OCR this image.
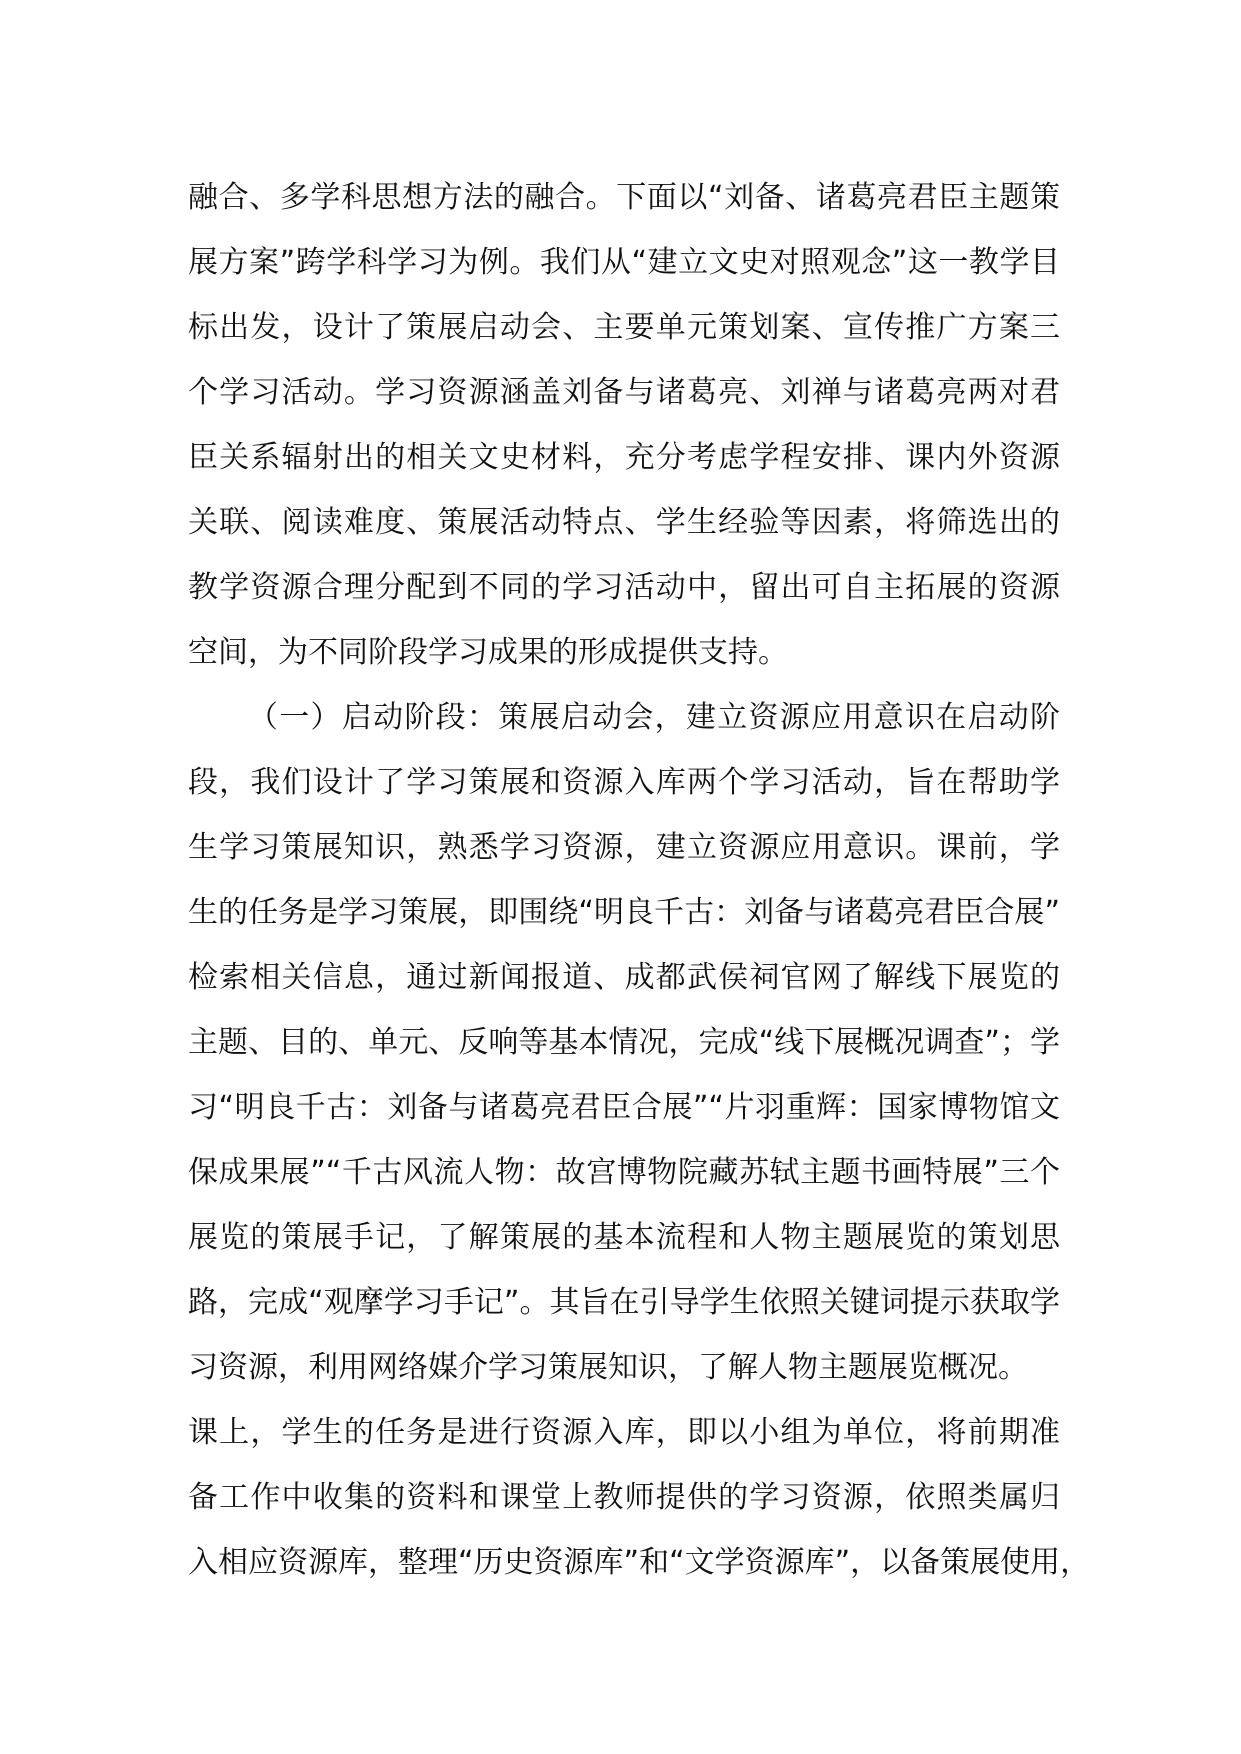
融合、多学科思想方法的融合。下面以“刘备、诸葛亮君臣主题策
展方案”跨学科学习为例。我们从“建立文史对照观念”这一教学目
标出发，设计了策展启动会、主要单元策划案、宣传推广方案三
个学习活动。学习资源涵盖刘备与诸葛亮、刘禅与诸葛亮两对君
臣关系辐射出的相关文史材料，充分考虑学程安排、课内外资源
关联、阅读难度、策展活动特点、学生经验等因素，将筛选出的
教学资源合理分配到不同的学习活动中，留出可自主拓展的资源
空间，为不同阶段学习成果的形成提供支持。
（一）启动阶段：策展启动会，建立资源应用意识在启动阶
段，我们设计了学习策展和资源入库两个学习活动，旨在帮助学
生学习策展知识，熟悉学习资源，建立资源应用意识。课前，学
生的任务是学习策展，即围绕“明良千古：刘备与诸葛亮君臣合展”
检索相关信息，通过新闻报道、成都武侯祠官网了解线下展览的
主题、目的、单元、反响等基本情况，完成“线下展概况调查”；学
习“明良千古：刘备与诸葛亮君臣合展”“片羽重辉：国家博物馆文
保成果展”“千古风流人物：故宫博物院藏苏轼主题书画特展”三个
展览的策展手记，了解策展的基本流程和人物主题展览的策划思
路，完成“观摩学习手记”。其旨在引导学生依照关键词提示获取学
习资源，利用网络媒介学习策展知识，了解人物主题展览概况。
课上，学生的任务是进行资源入库，即以小组为单位，将前期准
备工作中收集的资料和课堂上教师提供的学习资源，依照类属归
入相应资源库，整理“历史资源库”和“文学资源库”，以备策展使用，
